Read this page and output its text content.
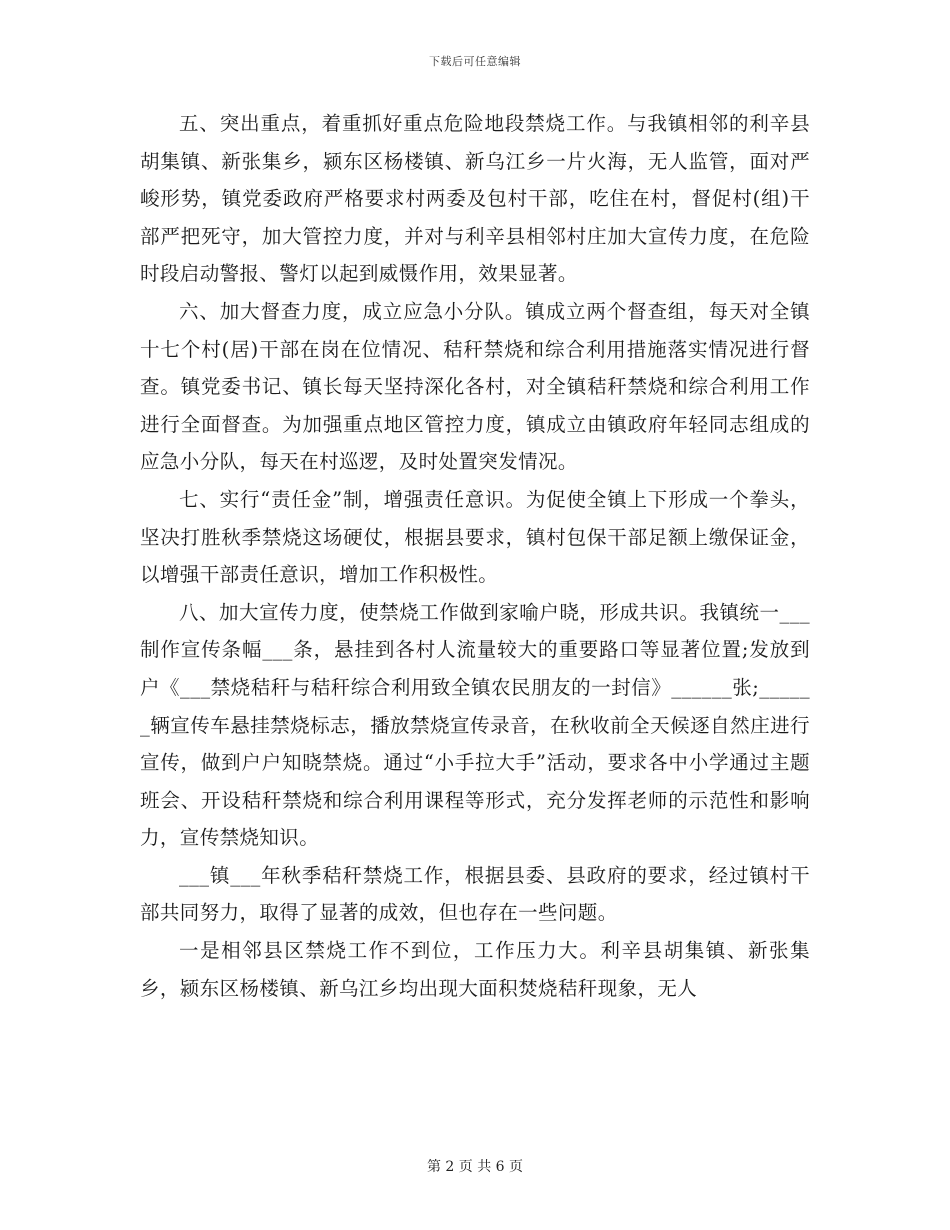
下载后可任意编辑

五、突出重点，着重抓好重点危险地段禁烧工作。与我镇相邻的利辛县胡集镇、新张集乡，颍东区杨楼镇、新乌江乡一片火海，无人监管，面对严峻形势，镇党委政府严格要求村两委及包村干部，吃住在村，督促村(组)干部严把死守，加大管控力度，并对与利辛县相邻村庄加大宣传力度，在危险时段启动警报、警灯以起到威慑作用，效果显著。

六、加大督查力度，成立应急小分队。镇成立两个督查组，每天对全镇十七个村(居)干部在岗在位情况、秸秆禁烧和综合利用措施落实情况进行督查。镇党委书记、镇长每天坚持深化各村，对全镇秸秆禁烧和综合利用工作进行全面督查。为加强重点地区管控力度，镇成立由镇政府年轻同志组成的应急小分队，每天在村巡逻，及时处置突发情况。

七、实行“责任金”制，增强责任意识。为促使全镇上下形成一个拳头，坚决打胜秋季禁烧这场硬仗，根据县要求，镇村包保干部足额上缴保证金，以增强干部责任意识，增加工作积极性。

八、加大宣传力度，使禁烧工作做到家喻户晓，形成共识。我镇统一___制作宣传条幅___条，悬挂到各村人流量较大的重要路口等显著位置;发放到户《___禁烧秸秆与秸秆综合利用致全镇农民朋友的一封信》______张;______辆宣传车悬挂禁烧标志，播放禁烧宣传录音，在秋收前全天候逐自然庄进行宣传，做到户户知晓禁烧。通过“小手拉大手”活动，要求各中小学通过主题班会、开设秸秆禁烧和综合利用课程等形式，充分发挥老师的示范性和影响力，宣传禁烧知识。

___镇___年秋季秸秆禁烧工作，根据县委、县政府的要求，经过镇村干部共同努力，取得了显著的成效，但也存在一些问题。

一是相邻县区禁烧工作不到位，工作压力大。利辛县胡集镇、新张集乡，颍东区杨楼镇、新乌江乡均出现大面积焚烧秸秆现象，无人

第 2 页 共 6 页
